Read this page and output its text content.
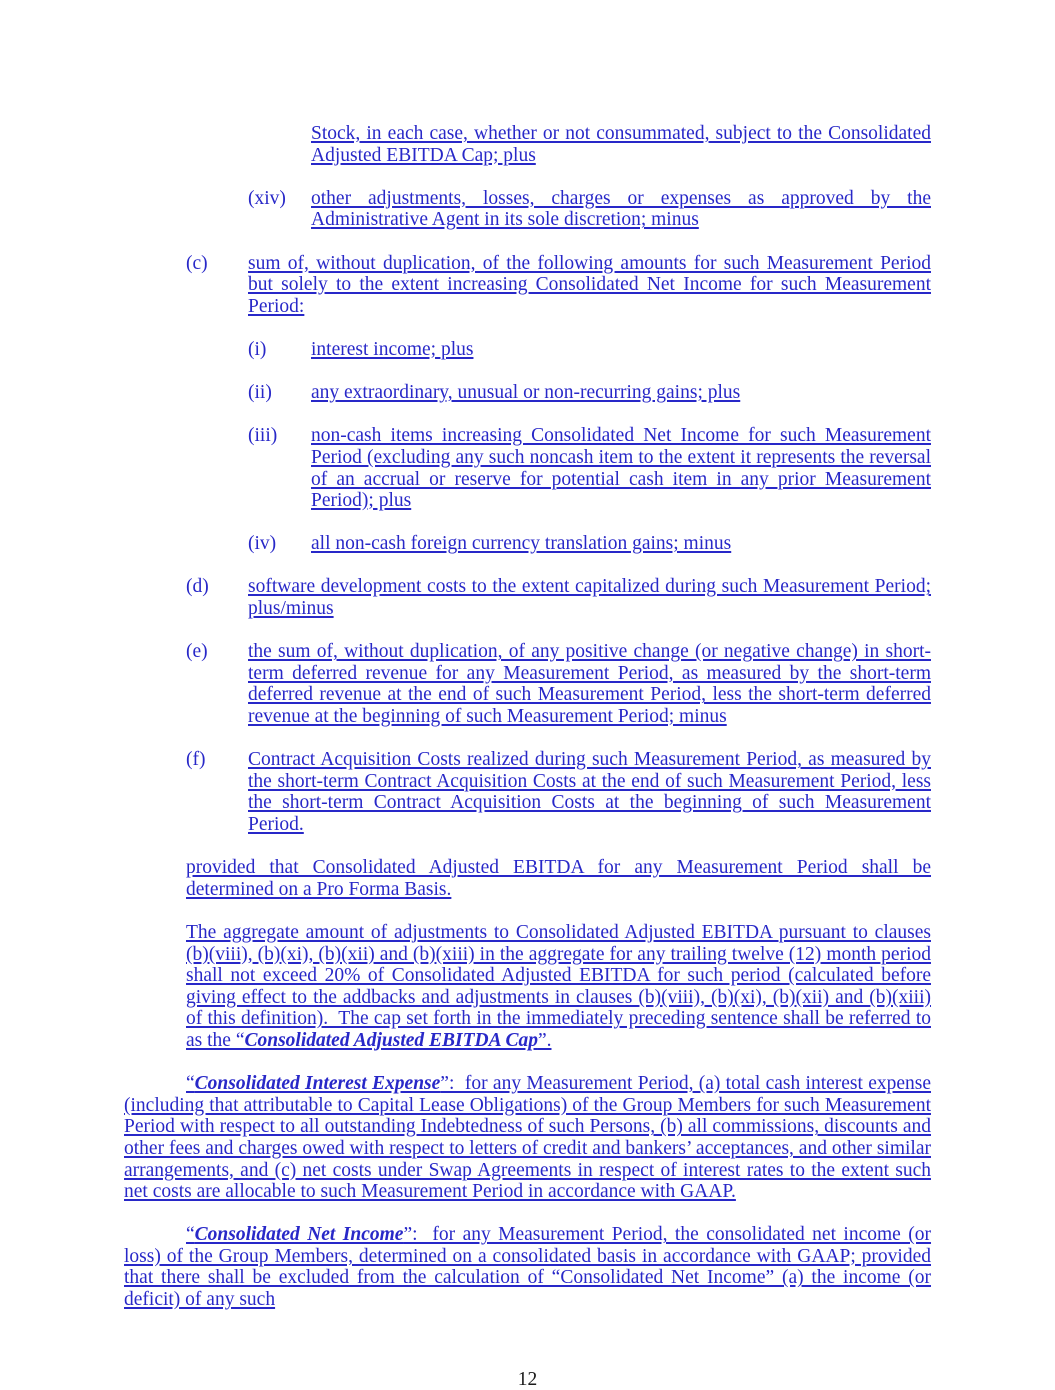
Stock, in each case, whether or not consummated, subject to the Consolidated Adjusted EBITDA Cap; plus

(xiv)	other adjustments, losses, charges or expenses as approved by the Administrative Agent in its sole discretion; minus
(c)	sum of, without duplication, of the following amounts for such Measurement Period but solely to the extent increasing Consolidated Net Income for such Measurement Period:
(i)	interest income; plus
(ii)	any extraordinary, unusual or non-recurring gains; plus
(iii)	non-cash items increasing Consolidated Net Income for such Measurement Period (excluding any such noncash item to the extent it represents the reversal of an accrual or reserve for potential cash item in any prior Measurement Period); plus
(iv)	all non-cash foreign currency translation gains; minus
(d)	software development costs to the extent capitalized during such Measurement Period; plus/minus
(e)	the sum of, without duplication, of any positive change (or negative change) in short-term deferred revenue for any Measurement Period, as measured by the short-term deferred revenue at the end of such Measurement Period, less the short-term deferred revenue at the beginning of such Measurement Period; minus
(f)	Contract Acquisition Costs realized during such Measurement Period, as measured by the short-term Contract Acquisition Costs at the end of such Measurement Period, less the short-term Contract Acquisition Costs at the beginning of such Measurement Period.

provided that Consolidated Adjusted EBITDA for any Measurement Period shall be determined on a Pro Forma Basis.

The aggregate amount of adjustments to Consolidated Adjusted EBITDA pursuant to clauses (b)(viii), (b)(xi), (b)(xii) and (b)(xiii) in the aggregate for any trailing twelve (12) month period shall not exceed 20% of Consolidated Adjusted EBITDA for such period (calculated before giving effect to the addbacks and adjustments in clauses (b)(viii), (b)(xi), (b)(xii) and (b)(xiii) of this definition).  The cap set forth in the immediately preceding sentence shall be referred to as the “Consolidated Adjusted EBITDA Cap”.

“Consolidated Interest Expense”:  for any Measurement Period, (a) total cash interest expense (including that attributable to Capital Lease Obligations) of the Group Members for such Measurement Period with respect to all outstanding Indebtedness of such Persons, (b) all commissions, discounts and other fees and charges owed with respect to letters of credit and bankers’ acceptances, and other similar arrangements, and (c) net costs under Swap Agreements in respect of interest rates to the extent such net costs are allocable to such Measurement Period in accordance with GAAP.

“Consolidated Net Income”:  for any Measurement Period, the consolidated net income (or loss) of the Group Members, determined on a consolidated basis in accordance with GAAP; provided that there shall be excluded from the calculation of “Consolidated Net Income” (a) the income (or deficit) of any such

12
